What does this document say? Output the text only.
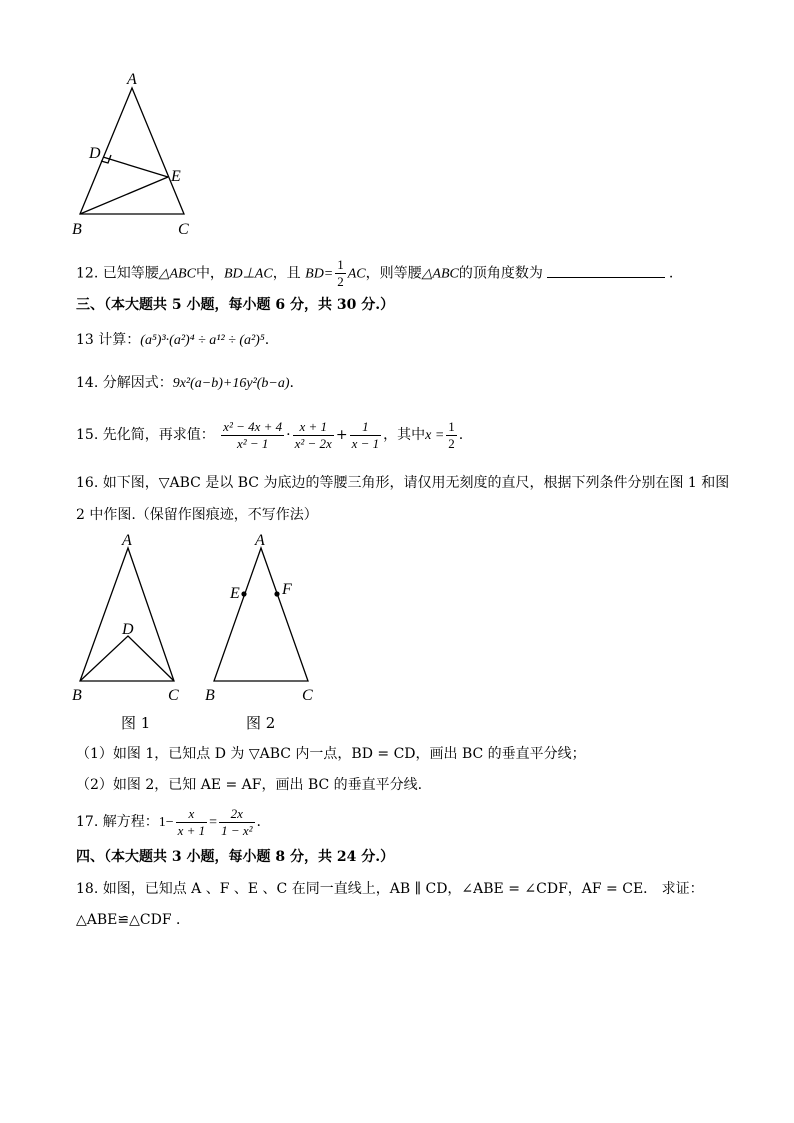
A
B	C
D
E
12. 已知等腰△ABC中，BD⊥AC，且 $BD= \frac{1}{2}$ AC，则等腰△ABC的顶角度数为	.
三、（本大题共 5 小题，每小题 6 分，共 30 分.）
13 计算：(a⁵)³·(a²)⁴ ÷ a¹² ÷ (a²)⁵.
14. 分解因式：9x²(a−b)+16y²(b−a).
15. 先化简，再求值： $\frac{\text{x² − 4x + 4}}{\text{x² − 1}} \cdot \frac{x + 1}{\text{x² − 2x}} + \frac{1}{x - 1}$ ，其中$x = \frac{1}{2}$ .
16. 如下图，▽ABC 是以 BC 为底边的等腰三角形，请仅用无刻度的直尺，根据下列条件分别在图 1 和图
2 中作图.（保留作图痕迹，不写作法）
A
B	C
D
图 1
A
B	C
E	F
图 2
（1）如图 1，已知点 D 为 ▽ABC 内一点，BD = CD，画出 BC 的垂直平分线；
（2）如图 2，已知 AE = AF，画出 BC 的垂直平分线.
17. 解方程：$1- \frac{x}{x + 1} = \frac{2x}{\text{1 − x²}}$ .
四、（本大题共 3 小题，每小题 8 分，共 24 分.）
18. 如图，已知点 A 、F 、E 、C 在同一直线上，AB ∥ CD，∠ABE = ∠CDF，AF = CE． 求证：
△ABE≌△CDF ．
